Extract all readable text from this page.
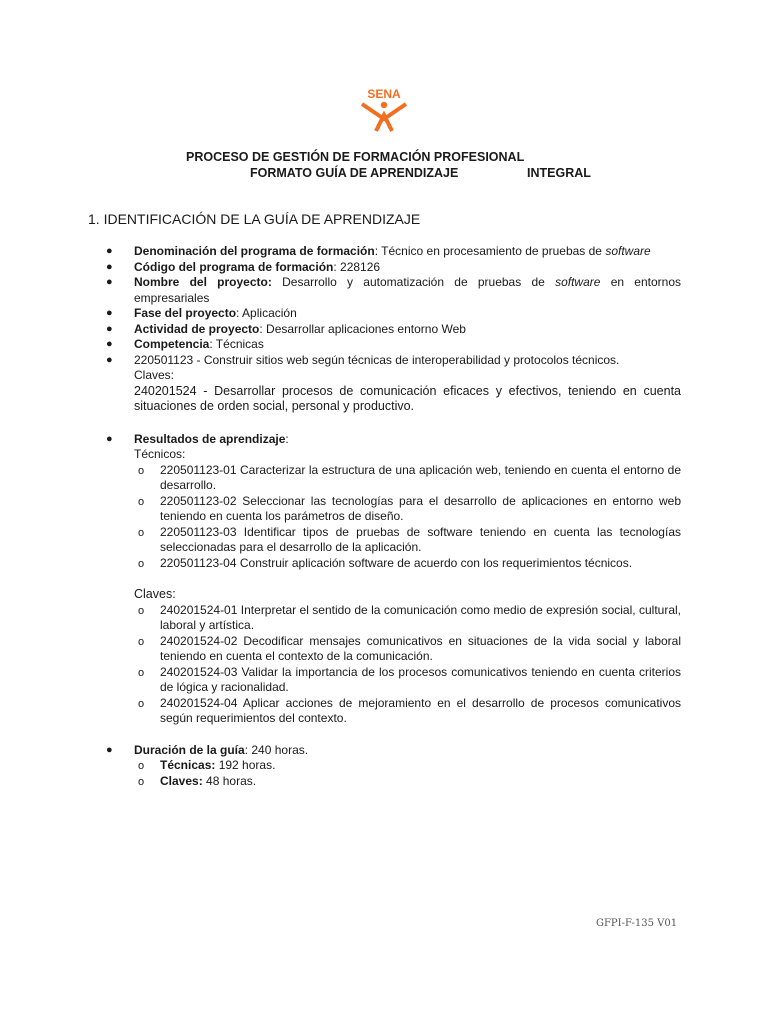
SENA
PROCESO DE GESTIÓN DE FORMACIÓN PROFESIONAL
FORMATO GUÍA DE APRENDIZAJE	INTEGRAL
1. IDENTIFICACIÓN DE LA GUÍA DE APRENDIZAJE
● Denominación del programa de formación: Técnico en procesamiento de pruebas de software
● Código del programa de formación: 228126
● Nombre del proyecto: Desarrollo y automatización de pruebas de software en entornos empresariales
● Fase del proyecto: Aplicación
● Actividad de proyecto: Desarrollar aplicaciones entorno Web
● Competencia: Técnicas
● 220501123 - Construir sitios web según técnicas de interoperabilidad y protocolos técnicos.
Claves:
240201524 - Desarrollar procesos de comunicación eficaces y efectivos, teniendo en cuenta situaciones de orden social, personal y productivo.
● Resultados de aprendizaje:
Técnicos:
o 220501123-01 Caracterizar la estructura de una aplicación web, teniendo en cuenta el entorno de desarrollo.
o 220501123-02 Seleccionar las tecnologías para el desarrollo de aplicaciones en entorno web teniendo en cuenta los parámetros de diseño.
o 220501123-03 Identificar tipos de pruebas de software teniendo en cuenta las tecnologías seleccionadas para el desarrollo de la aplicación.
o 220501123-04 Construir aplicación software de acuerdo con los requerimientos técnicos.
Claves:
o 240201524-01 Interpretar el sentido de la comunicación como medio de expresión social, cultural, laboral y artística.
o 240201524-02 Decodificar mensajes comunicativos en situaciones de la vida social y laboral teniendo en cuenta el contexto de la comunicación.
o 240201524-03 Validar la importancia de los procesos comunicativos teniendo en cuenta criterios de lógica y racionalidad.
o 240201524-04 Aplicar acciones de mejoramiento en el desarrollo de procesos comunicativos según requerimientos del contexto.
● Duración de la guía: 240 horas.
o Técnicas: 192 horas.
o Claves: 48 horas.
GFPI-F-135 V01
